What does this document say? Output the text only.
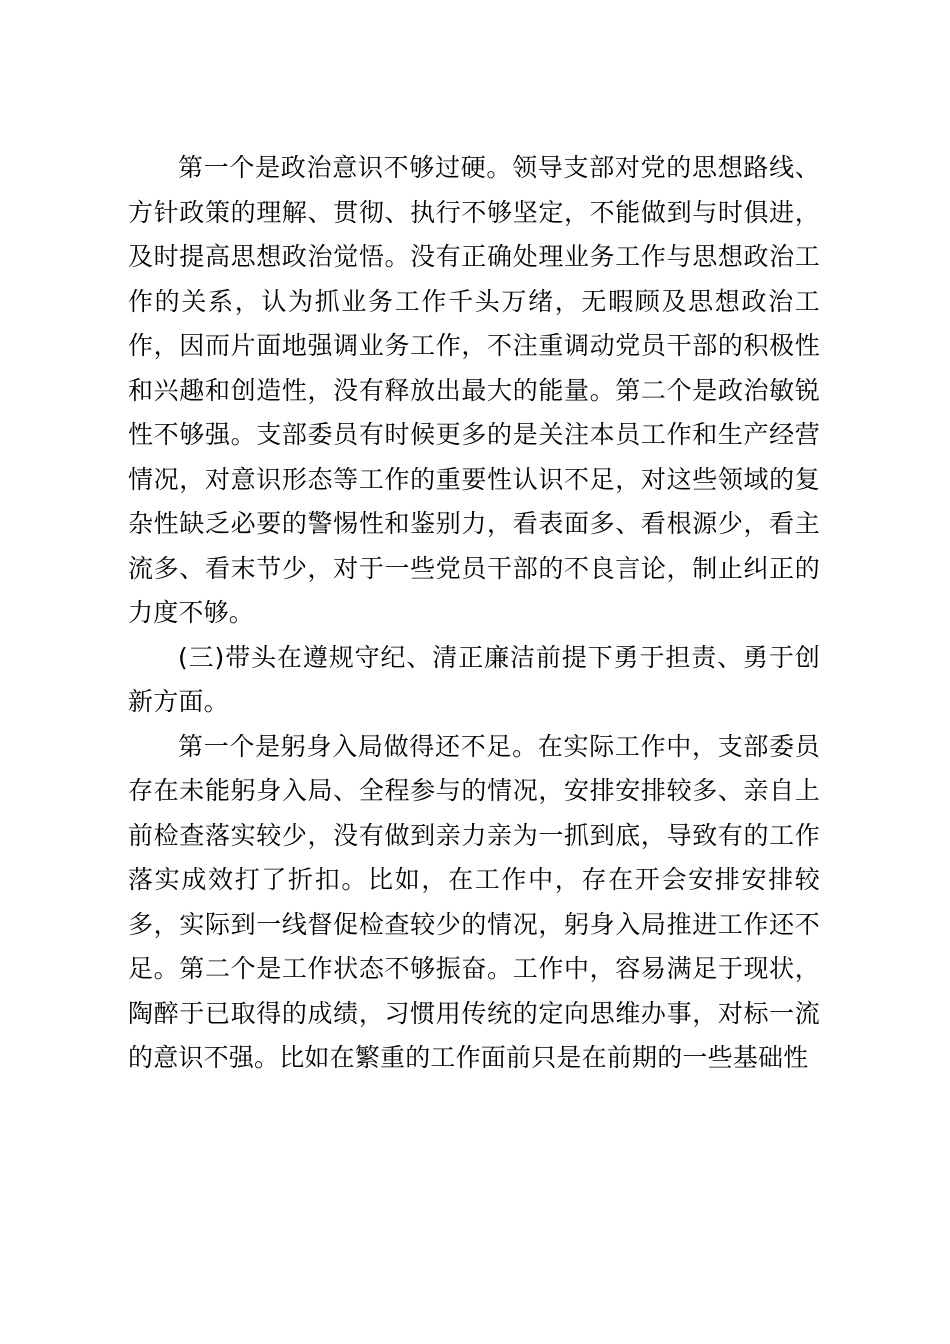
第一个是政治意识不够过硬。领导支部对党的思想路线、方针政策的理解、贯彻、执行不够坚定，不能做到与时俱进，及时提高思想政治觉悟。没有正确处理业务工作与思想政治工作的关系，认为抓业务工作千头万绪，无暇顾及思想政治工作，因而片面地强调业务工作，不注重调动党员干部的积极性和兴趣和创造性，没有释放出最大的能量。第二个是政治敏锐性不够强。支部委员有时候更多的是关注本员工作和生产经营情况，对意识形态等工作的重要性认识不足，对这些领域的复杂性缺乏必要的警惕性和鉴别力，看表面多、看根源少，看主流多、看末节少，对于一些党员干部的不良言论，制止纠正的力度不够。

(三)带头在遵规守纪、清正廉洁前提下勇于担责、勇于创新方面。

第一个是躬身入局做得还不足。在实际工作中，支部委员存在未能躬身入局、全程参与的情况，安排安排较多、亲自上前检查落实较少，没有做到亲力亲为一抓到底，导致有的工作落实成效打了折扣。比如，在工作中，存在开会安排安排较多，实际到一线督促检查较少的情况，躬身入局推进工作还不足。第二个是工作状态不够振奋。工作中，容易满足于现状，陶醉于已取得的成绩，习惯用传统的定向思维办事，对标一流的意识不强。比如在繁重的工作面前只是在前期的一些基础性
